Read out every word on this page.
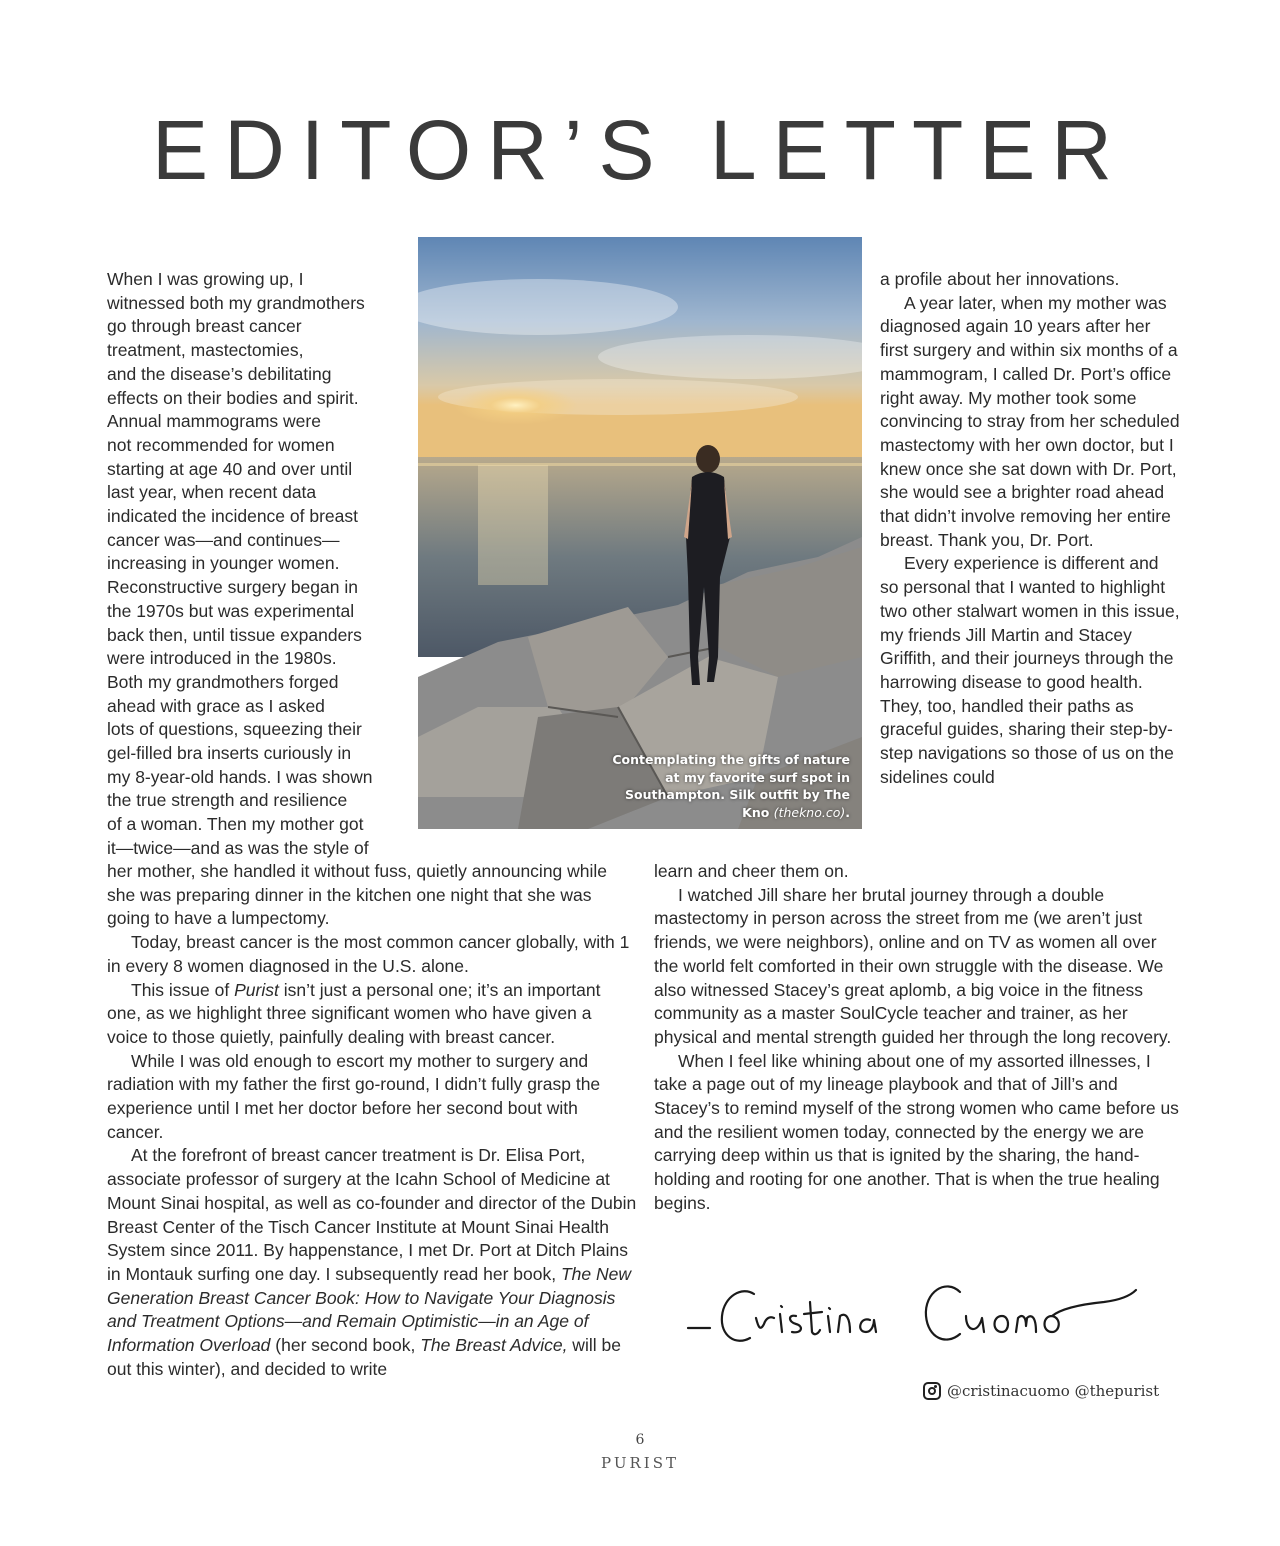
EDITOR’S LETTER
When I was growing up, I
witnessed both my grandmothers
go through breast cancer
treatment, mastectomies,
and the disease’s debilitating
effects on their bodies and spirit.
Annual mammograms were
not recommended for women
starting at age 40 and over until
last year, when recent data
indicated the incidence of breast
cancer was—and continues—
increasing in younger women.
Reconstructive surgery began in
the 1970s but was experimental
back then, until tissue expanders
were introduced in the 1980s.
Both my grandmothers forged
ahead with grace as I asked
lots of questions, squeezing their
gel-filled bra inserts curiously in
my 8-year-old hands. I was shown
the true strength and resilience
of a woman. Then my mother got
it—twice—and as was the style of
Contemplating the gifts of nature at my favorite surf spot in Southampton. Silk outfit by The Kno (thekno.co).

a profile about her innovations.

A year later, when my mother was diagnosed again 10 years after her first surgery and within six months of a mammogram, I called Dr. Port’s office right away. My mother took some convincing to stray from her scheduled mastectomy with her own doctor, but I knew once she sat down with Dr. Port, she would see a brighter road ahead that didn’t involve removing her entire breast. Thank you, Dr. Port.

Every experience is different and so personal that I wanted to highlight two other stalwart women in this issue, my friends Jill Martin and Stacey Griffith, and their journeys through the harrowing disease to good health. They, too, handled their paths as graceful guides, sharing their step-by-step navigations so those of us on the sidelines could

her mother, she handled it without fuss, quietly announcing while she was preparing dinner in the kitchen one night that she was going to have a lumpectomy.

Today, breast cancer is the most common cancer globally, with 1 in every 8 women diagnosed in the U.S. alone.

This issue of Purist isn’t just a personal one; it’s an important one, as we highlight three significant women who have given a voice to those quietly, painfully dealing with breast cancer.

While I was old enough to escort my mother to surgery and radiation with my father the first go-round, I didn’t fully grasp the experience until I met her doctor before her second bout with cancer.

At the forefront of breast cancer treatment is Dr. Elisa Port, associate professor of surgery at the Icahn School of Medicine at Mount Sinai hospital, as well as co-founder and director of the Dubin Breast Center of the Tisch Cancer Institute at Mount Sinai Health System since 2011. By happenstance, I met Dr. Port at Ditch Plains in Montauk surfing one day. I subsequently read her book, The New Generation Breast Cancer Book: How to Navigate Your Diagnosis and Treatment Options—and Remain Optimistic—in an Age of Information Overload (her second book, The Breast Advice, will be out this winter), and decided to write

learn and cheer them on.

I watched Jill share her brutal journey through a double mastectomy in person across the street from me (we aren’t just friends, we were neighbors), online and on TV as women all over the world felt comforted in their own struggle with the disease. We also witnessed Stacey’s great aplomb, a big voice in the fitness community as a master SoulCycle teacher and trainer, as her physical and mental strength guided her through the long recovery.

When I feel like whining about one of my assorted illnesses, I take a page out of my lineage playbook and that of Jill’s and Stacey’s to remind myself of the strong women who came before us and the resilient women today, connected by the energy we are carrying deep within us that is ignited by the sharing, the hand-holding and rooting for one another. That is when the true healing begins.

@cristinacuomo @thepurist
6
PURIST
